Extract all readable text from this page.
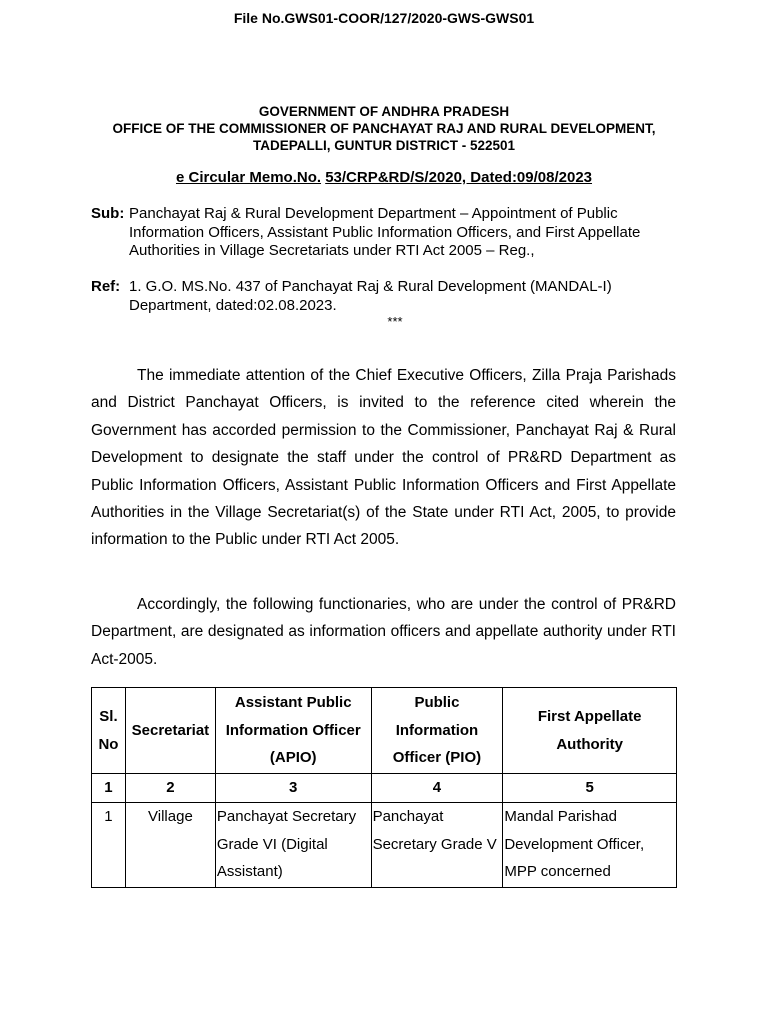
File No.GWS01-COOR/127/2020-GWS-GWS01
GOVERNMENT OF ANDHRA PRADESH
OFFICE OF THE COMMISSIONER OF PANCHAYAT RAJ AND RURAL DEVELOPMENT,
TADEPALLI, GUNTUR DISTRICT - 522501
e Circular Memo.No. 53/CRP&RD/S/2020, Dated:09/08/2023
Sub: Panchayat Raj & Rural Development Department – Appointment of Public Information Officers, Assistant Public Information Officers, and First Appellate Authorities in Village Secretariats under RTI Act 2005 – Reg.,
Ref: 1. G.O. MS.No. 437 of Panchayat Raj & Rural Development (MANDAL-I) Department, dated:02.08.2023.
***

The immediate attention of the Chief Executive Officers, Zilla Praja Parishads and District Panchayat Officers, is invited to the reference cited wherein the Government has accorded permission to the Commissioner, Panchayat Raj & Rural Development to designate the staff under the control of PR&RD Department as Public Information Officers, Assistant Public Information Officers and First Appellate Authorities in the Village Secretariat(s) of the State under RTI Act, 2005, to provide information to the Public under RTI Act 2005.

Accordingly, the following functionaries, who are under the control of PR&RD Department, are designated as information officers and appellate authority under RTI Act-2005.

Sl. No	Secretariat	Assistant Public Information Officer (APIO)	Public Information Officer (PIO)	First Appellate Authority
1	2	3	4	5
1	Village	Panchayat Secretary Grade VI (Digital Assistant)	Panchayat Secretary Grade V	Mandal Parishad Development Officer, MPP concerned
